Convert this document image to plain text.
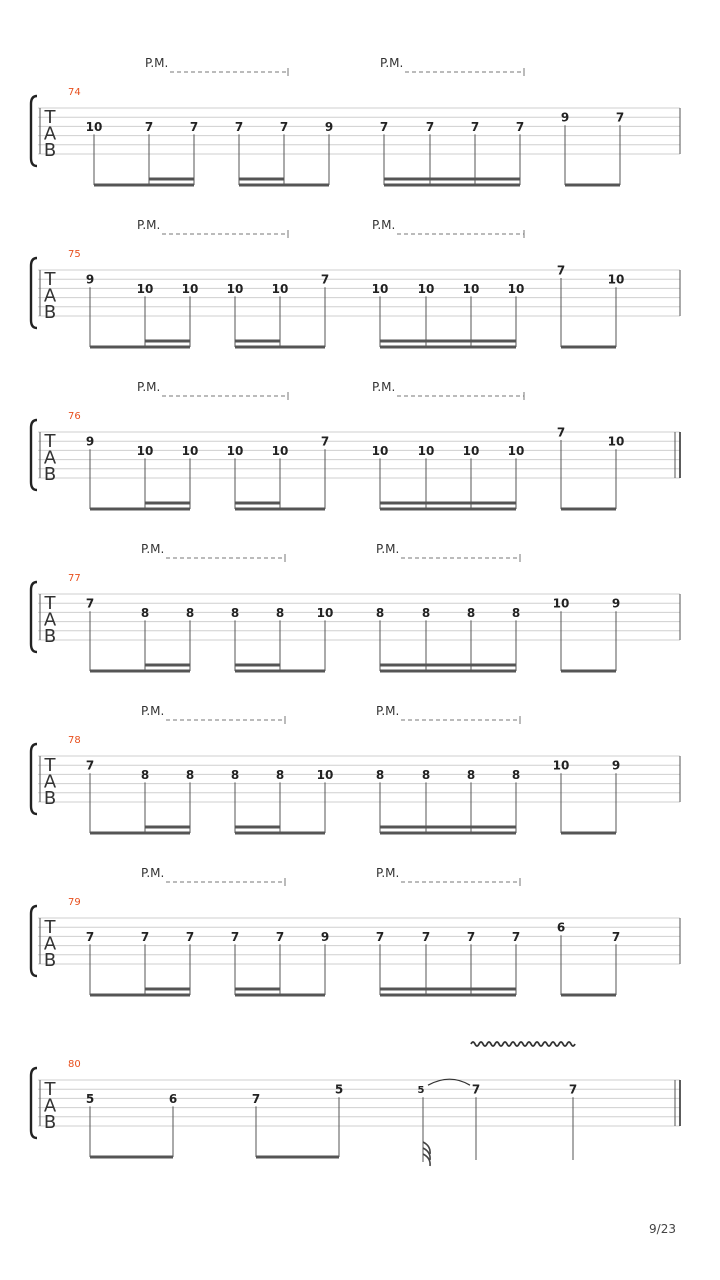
T
A
B
74
P.M.	P.M.
10	7	7	7	7	9	7	7	7	7
9	7
T
A
B
75
P.M.	P.M.
9
10 10 10 10
7
10 10 10 10
7
10
T
A
B
76
P.M.	P.M.
9
10 10 10 10
7
10 10 10 10
7
10
T
A
B
77
P.M.	P.M.
7
8	8	8	8	10	8	8	8	8
10	9
T
A
B
78
P.M.	P.M.
7
8	8	8	8	10	8	8	8	8
10	9
T
A
B
79
P.M.	P.M.
7	7	7	7	7	9	7	7	7	7
6
7
T
A
B
80
5	6	7
5	5	7	7
9/23
